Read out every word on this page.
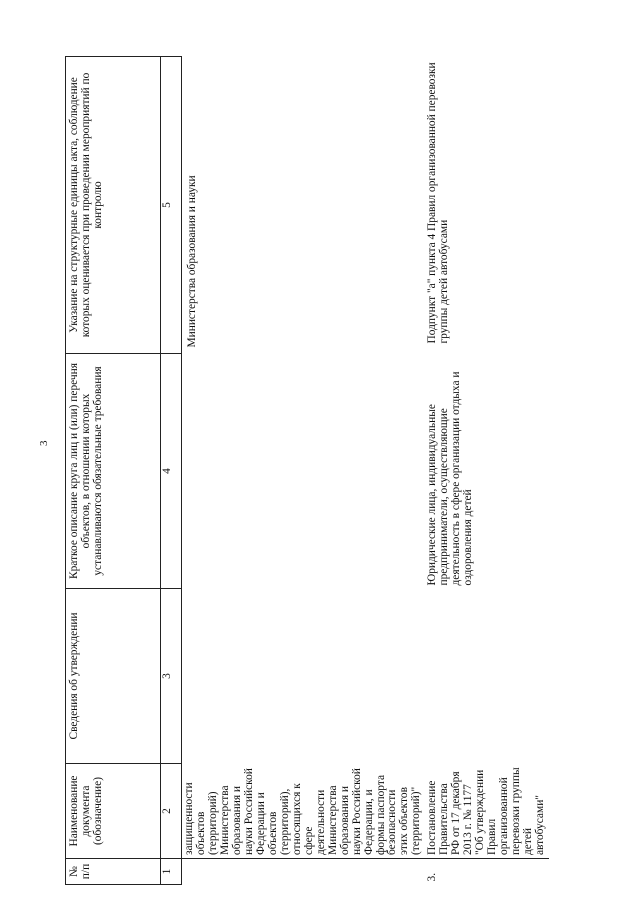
3
№ п/п	Наименование документа (обозначение)	Сведения об утверждении	Краткое описание круга лиц и (или) перечня объектов, в отношении которых устанавливаются обязательные требования	Указание на структурные единицы акта, соблюдение которых оценивается при проведении мероприятий по контролю
1	2	3	4	5
	защищенности объектов (территорий) Министерства образования и науки Российской Федерации и объектов (территорий), относящихся к сфере деятельности Министерства образования и науки Российской Федерации, и формы паспорта безопасности этих объектов (территорий)"			Министерства образования и науки
3.	Постановление Правительства РФ от 17 декабря 2013 г. № 1177 "Об утверждении Правил организованной перевозки группы детей автобусами"		Юридические лица, индивидуальные предприниматели, осуществляющие деятельность в сфере организации отдыха и оздоровления детей	Подпункт "а" пункта 4 Правил организованной перевозки группы детей автобусами
